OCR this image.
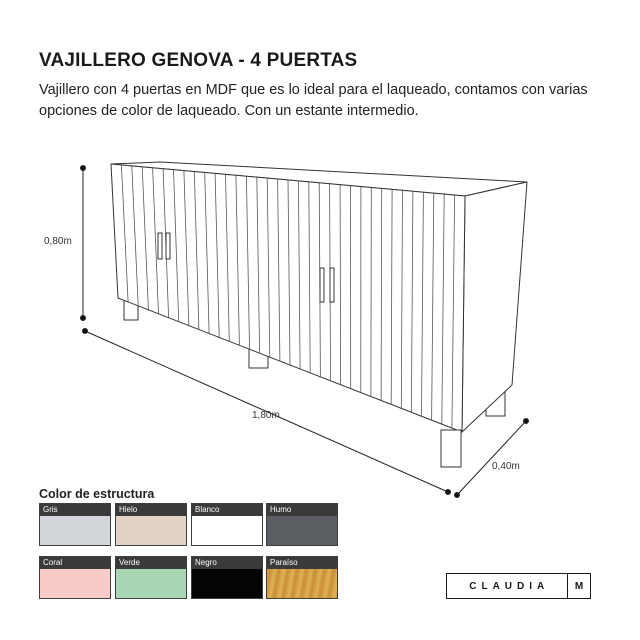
VAJILLERO GENOVA - 4 PUERTAS

Vajillero con 4 puertas en MDF que es lo ideal para el laqueado, contamos con varias opciones de color de laqueado. Con un estante intermedio.

0,80m
1,80m
0,40m
Color de estructura
Gris	Hielo	Blanco	Humo
Coral	Verde	Negro	Paraíso
CLAUDIA	M
